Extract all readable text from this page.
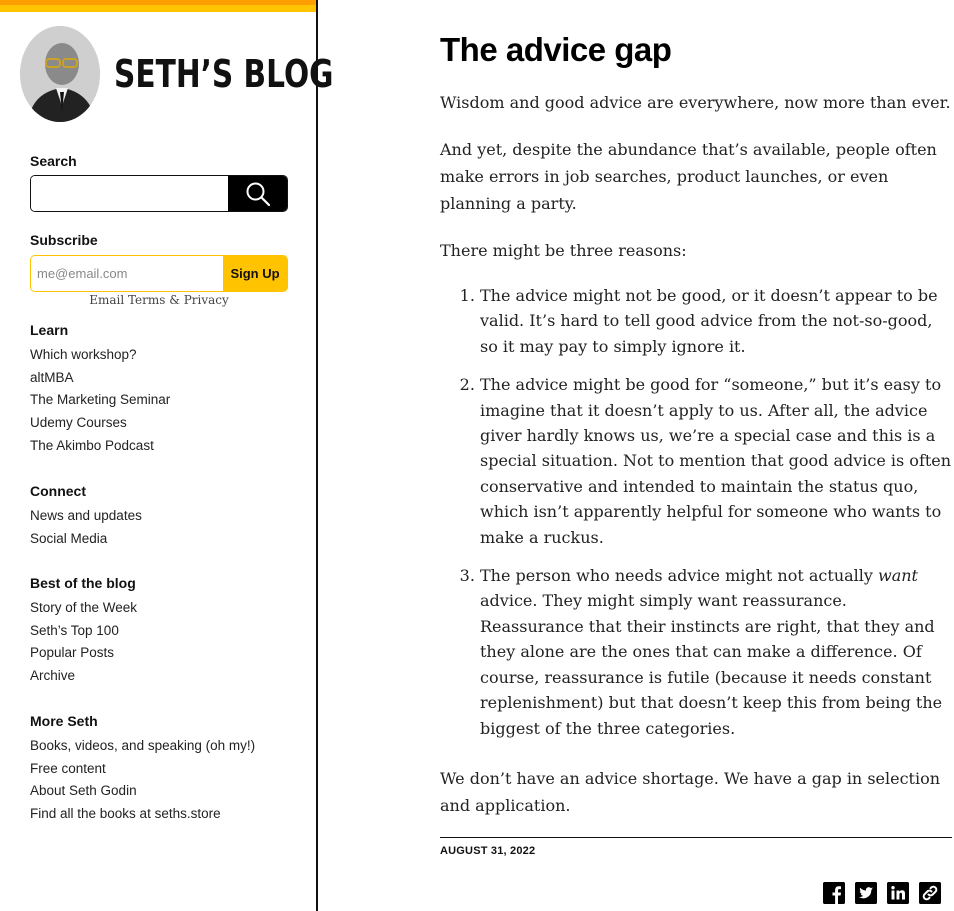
SETH’S BLOG
Search
Subscribe
me@email.com
Sign Up
Email Terms & Privacy
Learn
Which workshop?
altMBA
The Marketing Seminar
Udemy Courses
The Akimbo Podcast
Connect
News and updates
Social Media
Best of the blog
Story of the Week
Seth’s Top 100
Popular Posts
Archive
More Seth
Books, videos, and speaking (oh my!)
Free content
About Seth Godin
Find all the books at seths.store
The advice gap

Wisdom and good advice are everywhere, now more than ever.

And yet, despite the abundance that’s available, people often make errors in job searches, product launches, or even planning a party.

There might be three reasons:

1. The advice might not be good, or it doesn’t appear to be valid. It’s hard to tell good advice from the not-so-good, so it may pay to simply ignore it.
2. The advice might be good for “someone,” but it’s easy to imagine that it doesn’t apply to us. After all, the advice giver hardly knows us, we’re a special case and this is a special situation. Not to mention that good advice is often conservative and intended to maintain the status quo, which isn’t apparently helpful for someone who wants to make a ruckus.
3. The person who needs advice might not actually want advice. They might simply want reassurance. Reassurance that their instincts are right, that they and they alone are the ones that can make a difference. Of course, reassurance is futile (because it needs constant replenishment) but that doesn’t keep this from being the biggest of the three categories.

We don’t have an advice shortage. We have a gap in selection and application.

AUGUST 31, 2022
